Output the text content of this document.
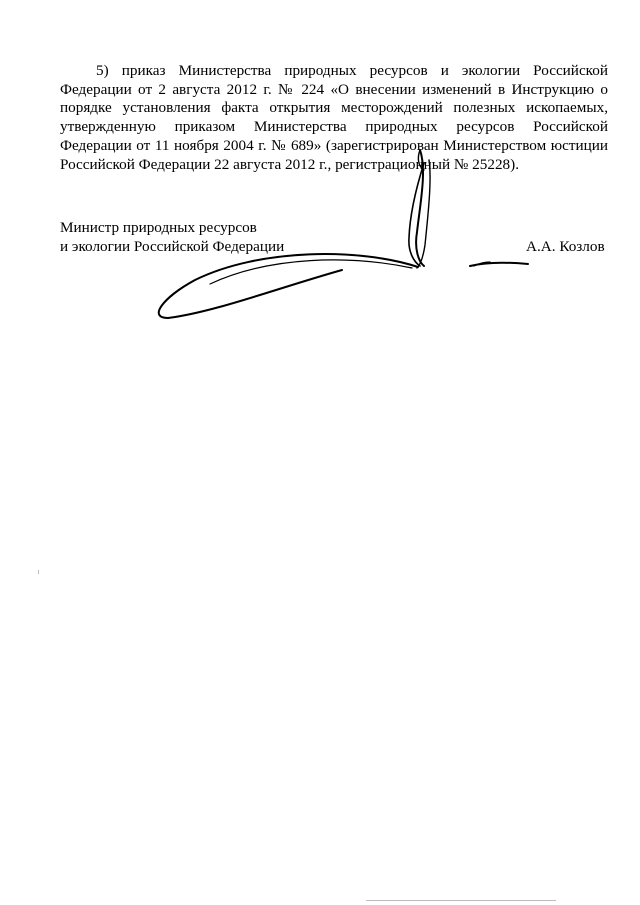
5) приказ Министерства природных ресурсов и экологии Российской Федерации от 2 августа 2012 г. № 224 «О внесении изменений в Инструкцию о порядке установления факта открытия месторождений полезных ископаемых, утвержденную приказом Министерства природных ресурсов Российской Федерации от 11 ноября 2004 г. № 689» (зарегистрирован Министерством юстиции Российской Федерации 22 августа 2012 г., регистрационный № 25228).

Министр природных ресурсов
и экологии Российской Федерации	А.А. Козлов
